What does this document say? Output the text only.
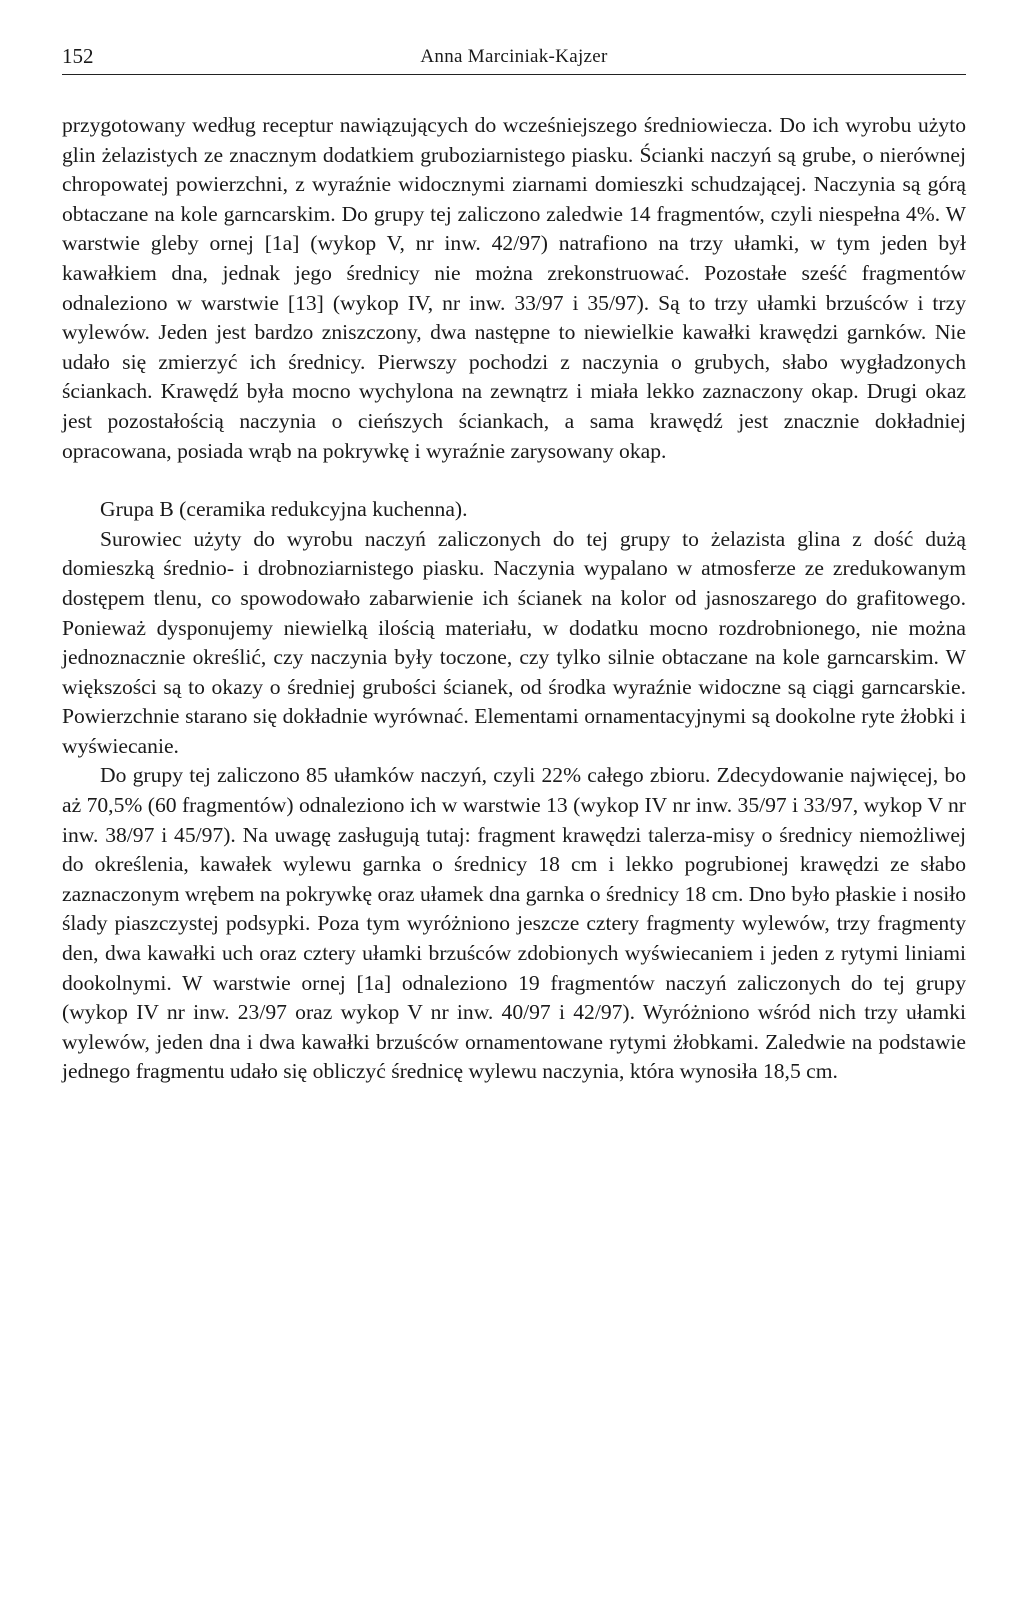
152	Anna Marciniak-Kajzer

przygotowany według receptur nawiązujących do wcześniejszego średniowiecza. Do ich wyrobu użyto glin żelazistych ze znacznym dodatkiem gruboziarnistego piasku. Ścianki naczyń są grube, o nierównej chropowatej powierzchni, z wyraźnie widocznymi ziarnami domieszki schudzającej. Naczynia są górą obtaczane na kole garncarskim. Do grupy tej zaliczono zaledwie 14 fragmentów, czyli niespełna 4%. W warstwie gleby ornej [1a] (wykop V, nr inw. 42/97) natrafiono na trzy ułamki, w tym jeden był kawałkiem dna, jednak jego średnicy nie można zrekonstruować. Pozostałe sześć fragmentów odnaleziono w warstwie [13] (wykop IV, nr inw. 33/97 i 35/97). Są to trzy ułamki brzuśców i trzy wylewów. Jeden jest bardzo zniszczony, dwa następne to niewielkie kawałki krawędzi garnków. Nie udało się zmierzyć ich średnicy. Pierwszy pochodzi z naczynia o grubych, słabo wygładzonych ściankach. Krawędź była mocno wychylona na zewnątrz i miała lekko zaznaczony okap. Drugi okaz jest pozostałością naczynia o cieńszych ściankach, a sama krawędź jest znacznie dokładniej opracowana, posiada wrąb na pokrywkę i wyraźnie zarysowany okap.

Grupa B (ceramika redukcyjna kuchenna).

Surowiec użyty do wyrobu naczyń zaliczonych do tej grupy to żelazista glina z dość dużą domieszką średnio- i drobnoziarnistego piasku. Naczynia wypalano w atmosferze ze zredukowanym dostępem tlenu, co spowodowało zabarwienie ich ścianek na kolor od jasnoszarego do grafitowego. Ponieważ dysponujemy niewielką ilością materiału, w dodatku mocno rozdrobnionego, nie można jednoznacznie określić, czy naczynia były toczone, czy tylko silnie obtaczane na kole garncarskim. W większości są to okazy o średniej grubości ścianek, od środka wyraźnie widoczne są ciągi garncarskie. Powierzchnie starano się dokładnie wyrównać. Elementami ornamentacyjnymi są dookolne ryte żłobki i wyświecanie.

Do grupy tej zaliczono 85 ułamków naczyń, czyli 22% całego zbioru. Zdecydowanie najwięcej, bo aż 70,5% (60 fragmentów) odnaleziono ich w warstwie 13 (wykop IV nr inw. 35/97 i 33/97, wykop V nr inw. 38/97 i 45/97). Na uwagę zasługują tutaj: fragment krawędzi talerza-misy o średnicy niemożliwej do określenia, kawałek wylewu garnka o średnicy 18 cm i lekko pogrubionej krawędzi ze słabo zaznaczonym wrębem na pokrywkę oraz ułamek dna garnka o średnicy 18 cm. Dno było płaskie i nosiło ślady piaszczystej podsypki. Poza tym wyróżniono jeszcze cztery fragmenty wylewów, trzy fragmenty den, dwa kawałki uch oraz cztery ułamki brzuśców zdobionych wyświecaniem i jeden z rytymi liniami dookolnymi. W warstwie ornej [1a] odnaleziono 19 fragmentów naczyń zaliczonych do tej grupy (wykop IV nr inw. 23/97 oraz wykop V nr inw. 40/97 i 42/97). Wyróżniono wśród nich trzy ułamki wylewów, jeden dna i dwa kawałki brzuśców ornamentowane rytymi żłobkami. Zaledwie na podstawie jednego fragmentu udało się obliczyć średnicę wylewu naczynia, która wynosiła 18,5 cm.
